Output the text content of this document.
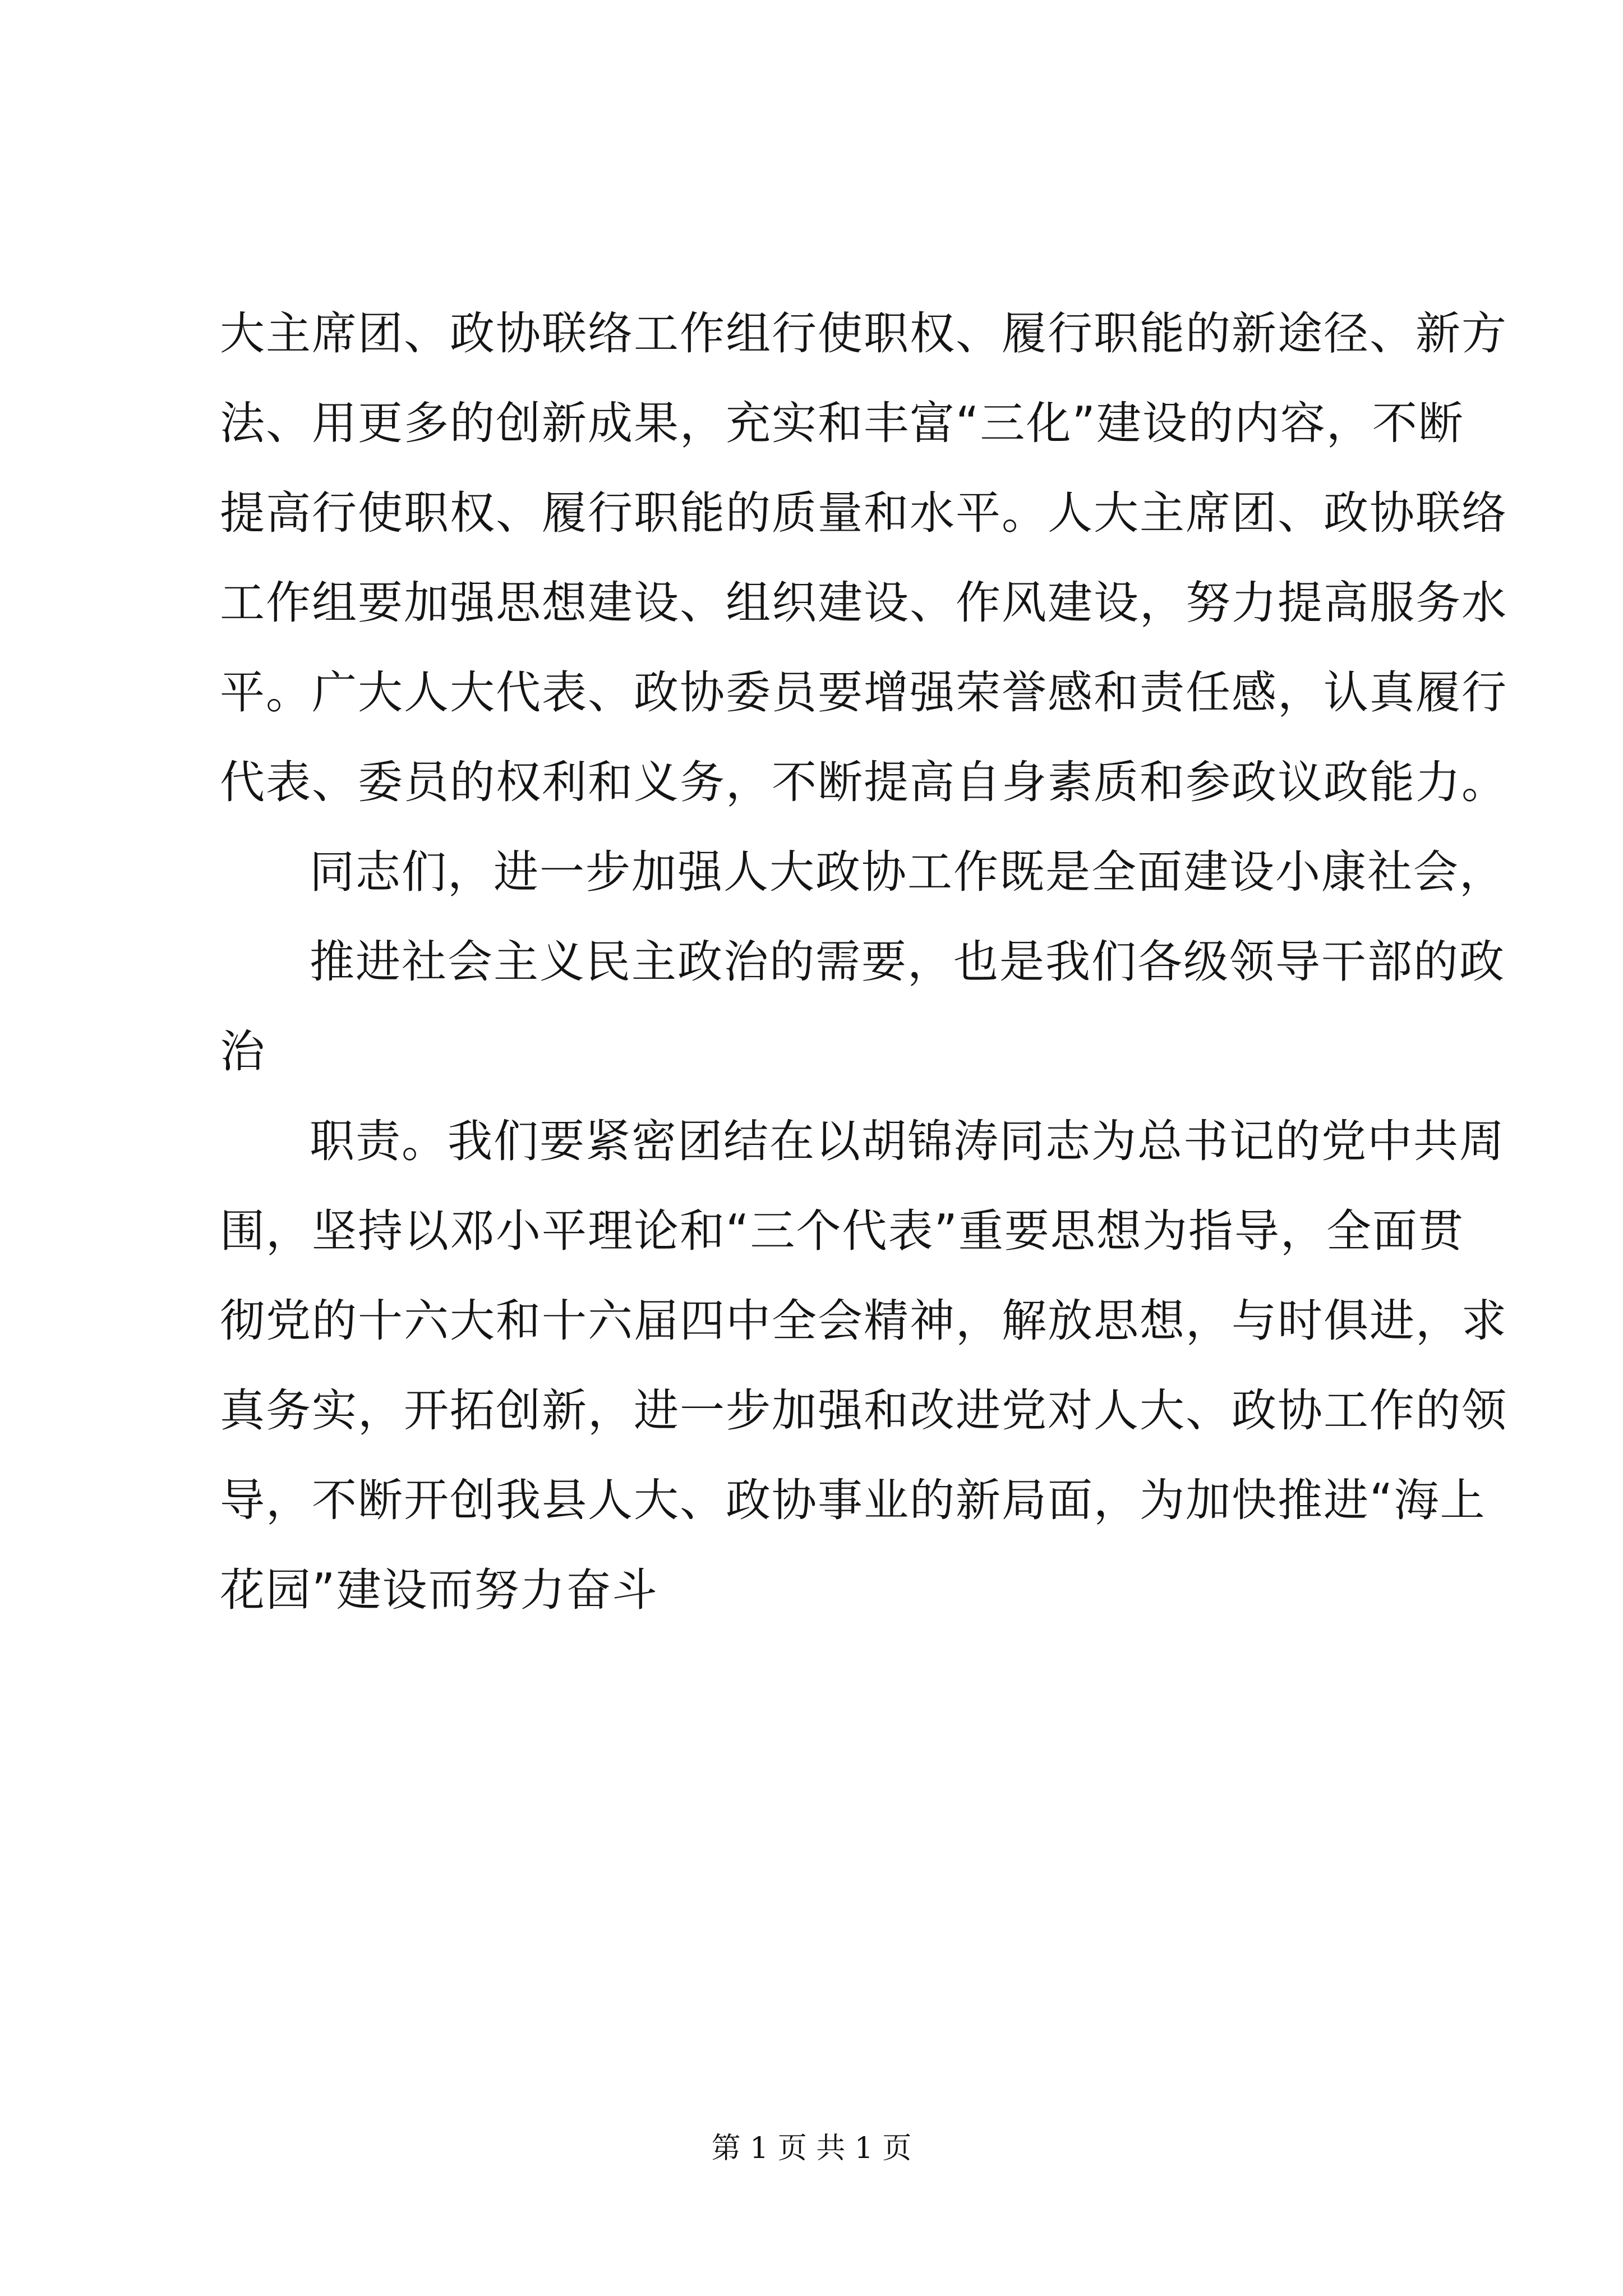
大主席团、政协联络工作组行使职权、履行职能的新途径、新方
法、用更多的创新成果，充实和丰富“三化”建设的内容，不断
提高行使职权、履行职能的质量和水平。人大主席团、政协联络
工作组要加强思想建设、组织建设、作风建设，努力提高服务水
平。广大人大代表、政协委员要增强荣誉感和责任感，认真履行
代表、委员的权利和义务，不断提高自身素质和参政议政能力。
同志们，进一步加强人大政协工作既是全面建设小康社会，
推进社会主义民主政治的需要，也是我们各级领导干部的政
治
职责。我们要紧密团结在以胡锦涛同志为总书记的党中共周
围，坚持以邓小平理论和“三个代表”重要思想为指导，全面贯
彻党的十六大和十六届四中全会精神，解放思想，与时俱进，求
真务实，开拓创新，进一步加强和改进党对人大、政协工作的领
导，不断开创我县人大、政协事业的新局面，为加快推进“海上
花园”建设而努力奋斗
第 1 页 共 1 页
